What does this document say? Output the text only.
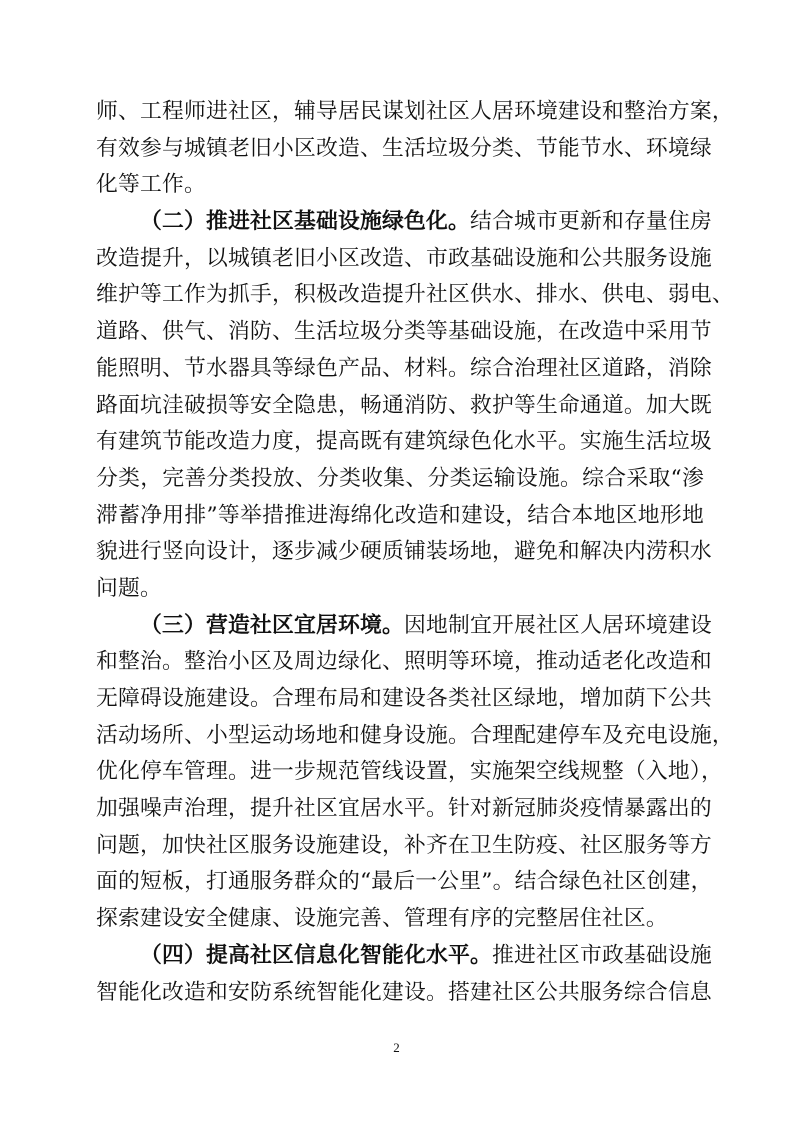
师、工程师进社区，辅导居民谋划社区人居环境建设和整治方案，
有效参与城镇老旧小区改造、生活垃圾分类、节能节水、环境绿
化等工作。
（二）推进社区基础设施绿色化。结合城市更新和存量住房
改造提升，以城镇老旧小区改造、市政基础设施和公共服务设施
维护等工作为抓手，积极改造提升社区供水、排水、供电、弱电、
道路、供气、消防、生活垃圾分类等基础设施，在改造中采用节
能照明、节水器具等绿色产品、材料。综合治理社区道路，消除
路面坑洼破损等安全隐患，畅通消防、救护等生命通道。加大既
有建筑节能改造力度，提高既有建筑绿色化水平。实施生活垃圾
分类，完善分类投放、分类收集、分类运输设施。综合采取“渗
滞蓄净用排”等举措推进海绵化改造和建设，结合本地区地形地
貌进行竖向设计，逐步减少硬质铺装场地，避免和解决内涝积水
问题。
（三）营造社区宜居环境。因地制宜开展社区人居环境建设
和整治。整治小区及周边绿化、照明等环境，推动适老化改造和
无障碍设施建设。合理布局和建设各类社区绿地，增加荫下公共
活动场所、小型运动场地和健身设施。合理配建停车及充电设施，
优化停车管理。进一步规范管线设置，实施架空线规整（入地），
加强噪声治理，提升社区宜居水平。针对新冠肺炎疫情暴露出的
问题，加快社区服务设施建设，补齐在卫生防疫、社区服务等方
面的短板，打通服务群众的“最后一公里”。结合绿色社区创建，
探索建设安全健康、设施完善、管理有序的完整居住社区。
（四）提高社区信息化智能化水平。推进社区市政基础设施
智能化改造和安防系统智能化建设。搭建社区公共服务综合信息
2
